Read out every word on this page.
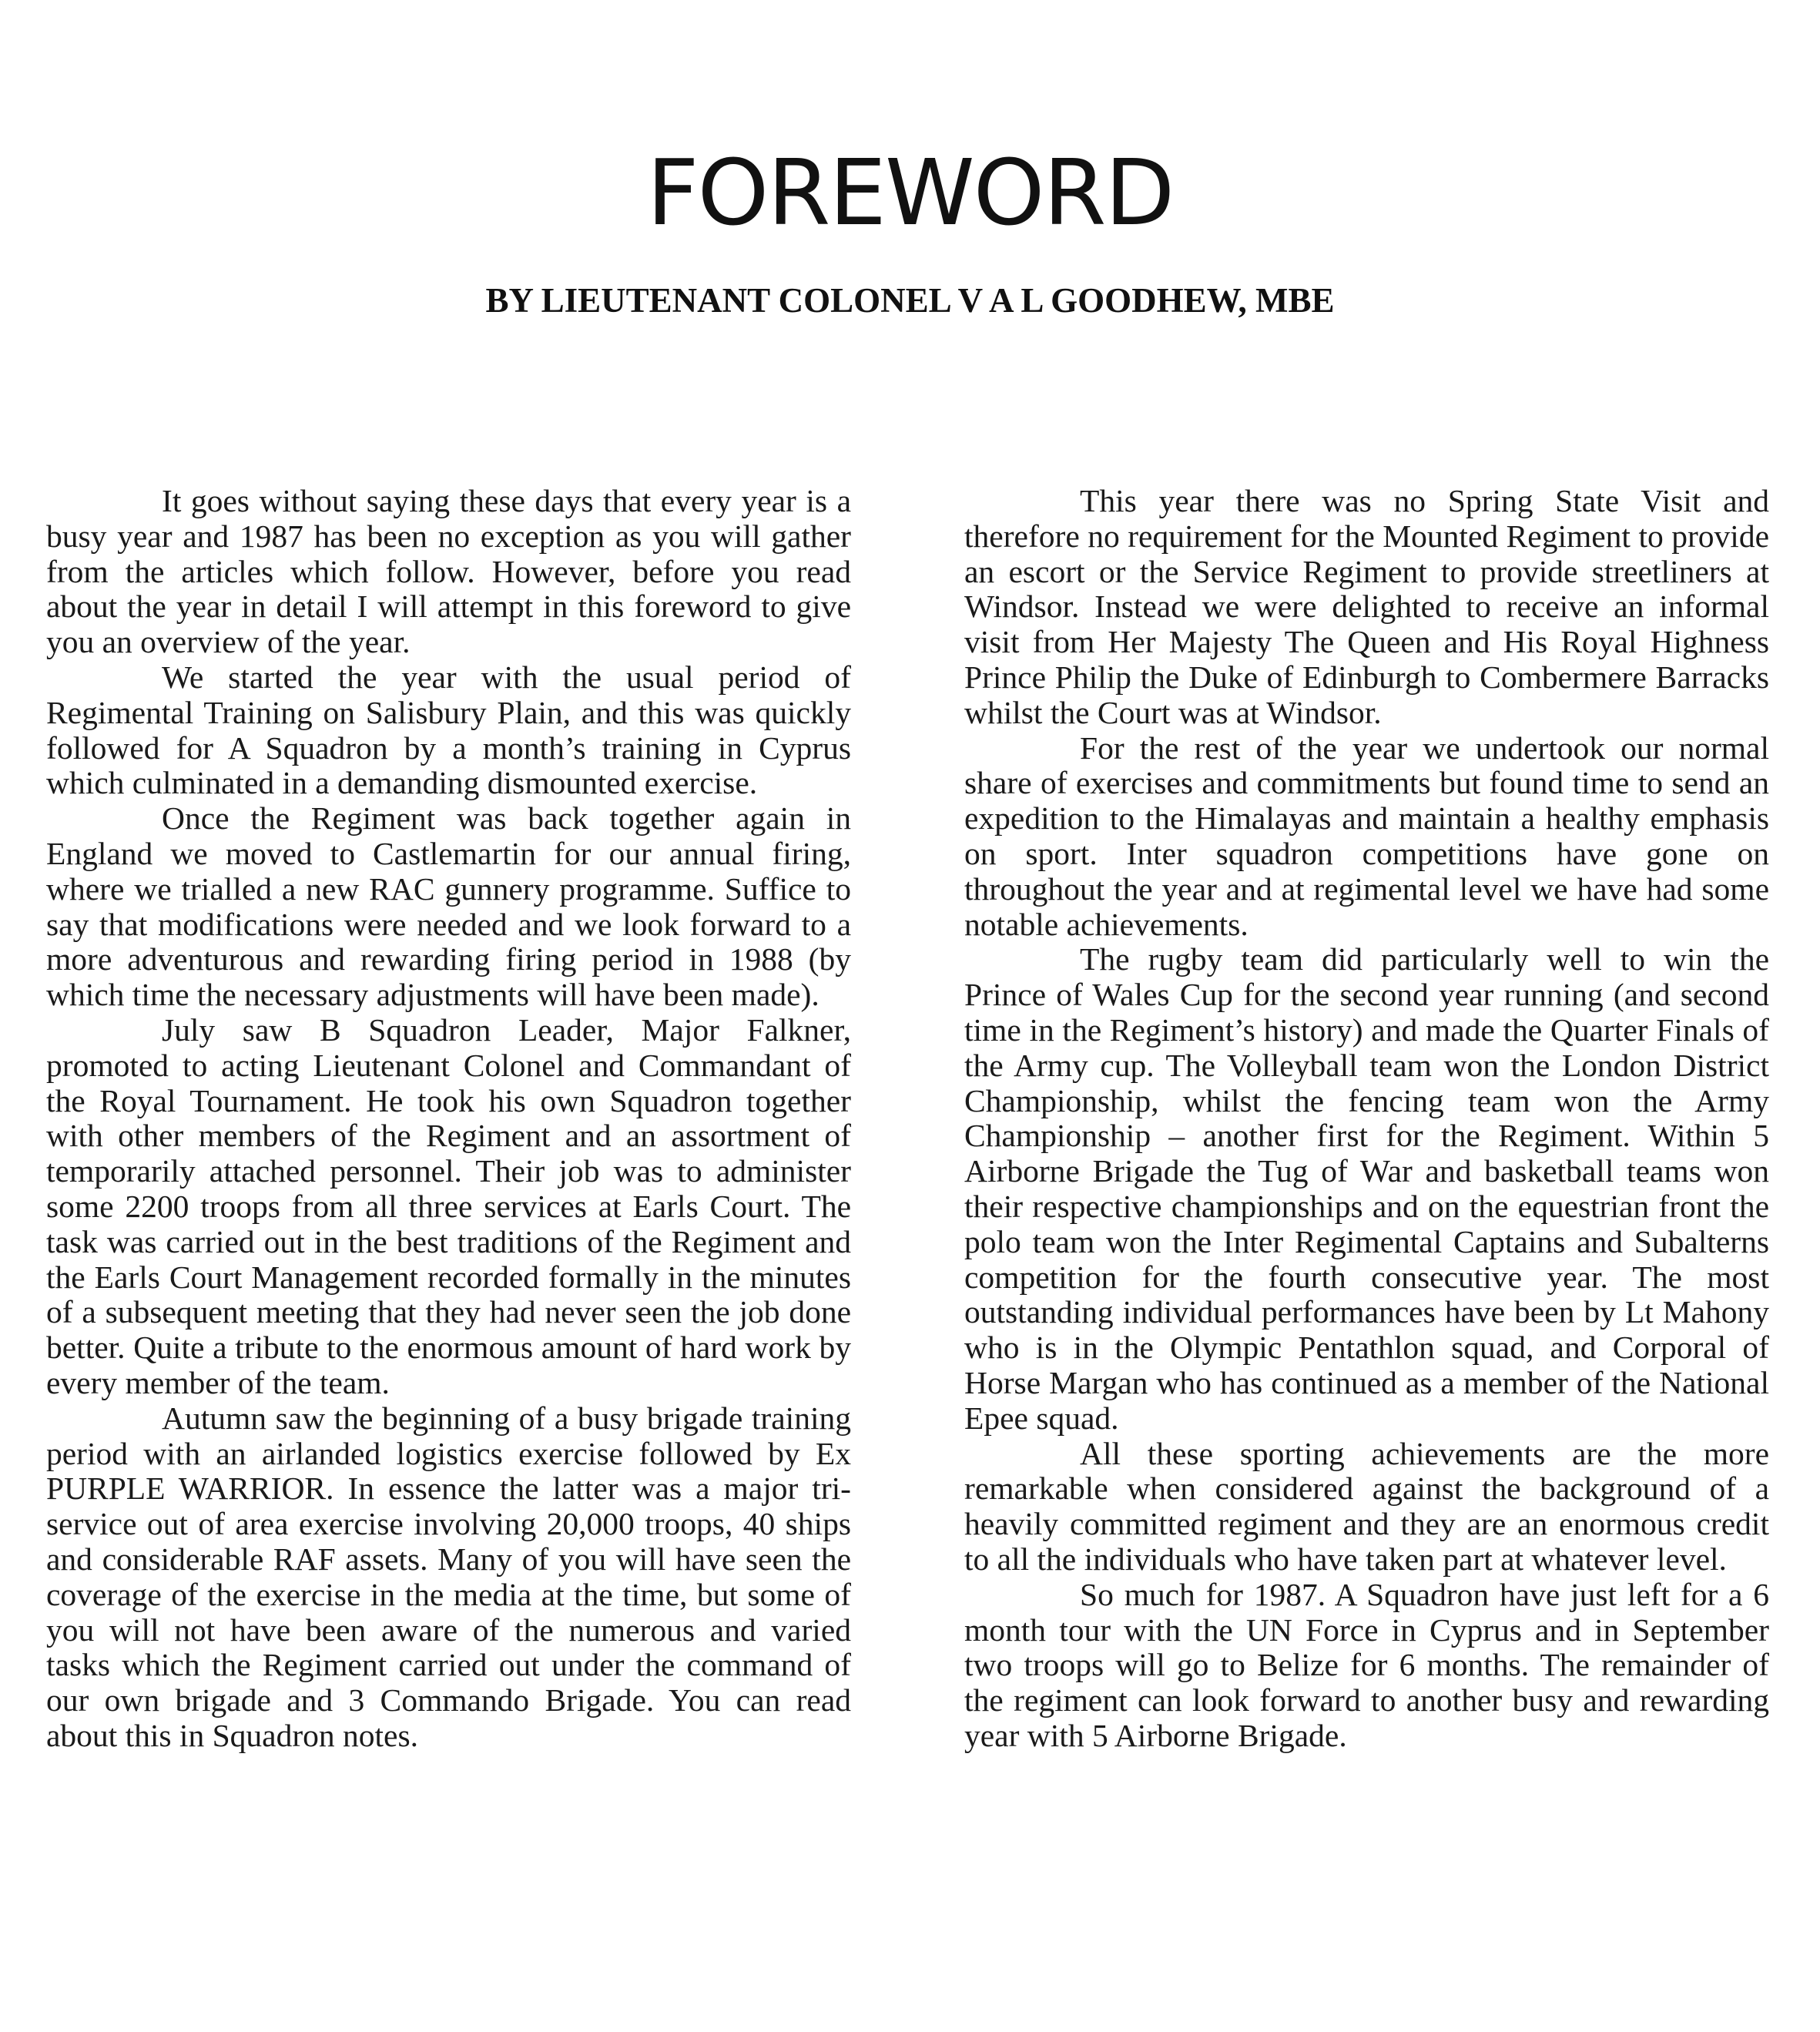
FOREWORD
BY LIEUTENANT COLONEL V A L GOODHEW, MBE

It goes without saying these days that every year is a busy year and 1987 has been no exception as you will gather from the articles which follow. However, before you read about the year in detail I will attempt in this foreword to give you an overview of the year.

We started the year with the usual period of Regimental Training on Salisbury Plain, and this was quickly followed for A Squadron by a month’s training in Cyprus which culminated in a demanding dismounted exercise.

Once the Regiment was back together again in England we moved to Castlemartin for our annual firing, where we trialled a new RAC gunnery programme. Suffice to say that modifications were needed and we look forward to a more adventurous and rewarding firing period in 1988 (by which time the necessary adjustments will have been made).

July saw B Squadron Leader, Major Falkner, promoted to acting Lieutenant Colonel and Commandant of the Royal Tournament. He took his own Squadron together with other members of the Regiment and an assortment of temporarily attached personnel. Their job was to administer some 2200 troops from all three services at Earls Court. The task was carried out in the best traditions of the Regiment and the Earls Court Management recorded formally in the minutes of a subsequent meeting that they had never seen the job done better. Quite a tribute to the enormous amount of hard work by every member of the team.

Autumn saw the beginning of a busy brigade training period with an airlanded logistics exercise followed by Ex PURPLE WARRIOR. In essence the latter was a major tri-service out of area exercise involving 20,000 troops, 40 ships and considerable RAF assets. Many of you will have seen the coverage of the exercise in the media at the time, but some of you will not have been aware of the numerous and varied tasks which the Regiment carried out under the command of our own brigade and 3 Commando Brigade. You can read about this in Squadron notes.

This year there was no Spring State Visit and therefore no requirement for the Mounted Regiment to provide an escort or the Service Regiment to provide streetliners at Windsor. Instead we were delighted to receive an informal visit from Her Majesty The Queen and His Royal Highness Prince Philip the Duke of Edinburgh to Combermere Barracks whilst the Court was at Windsor.

For the rest of the year we undertook our normal share of exercises and commitments but found time to send an expedition to the Himalayas and maintain a healthy emphasis on sport. Inter squadron competitions have gone on throughout the year and at regimental level we have had some notable achievements.

The rugby team did particularly well to win the Prince of Wales Cup for the second year running (and second time in the Regiment’s history) and made the Quarter Finals of the Army cup. The Volleyball team won the London District Championship, whilst the fencing team won the Army Championship – another first for the Regiment. Within 5 Airborne Brigade the Tug of War and basketball teams won their respective championships and on the equestrian front the polo team won the Inter Regimental Captains and Subalterns competition for the fourth consecutive year. The most outstanding individual performances have been by Lt Mahony who is in the Olympic Pentathlon squad, and Corporal of Horse Margan who has continued as a member of the National Epee squad.

All these sporting achievements are the more remarkable when considered against the background of a heavily committed regiment and they are an enormous credit to all the individuals who have taken part at whatever level.

So much for 1987. A Squadron have just left for a 6 month tour with the UN Force in Cyprus and in September two troops will go to Belize for 6 months. The remainder of the regiment can look forward to another busy and rewarding year with 5 Airborne Brigade.
